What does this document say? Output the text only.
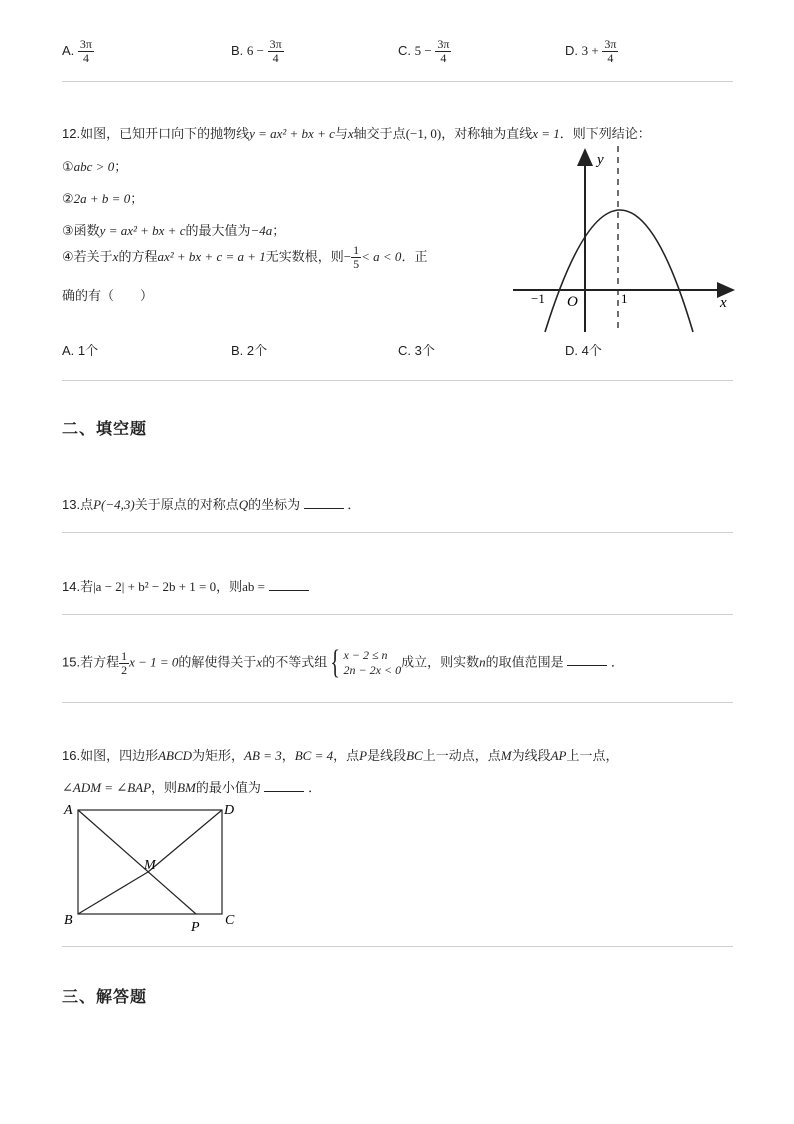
A. $\frac{3\pi}{4}$	B. $6 - \frac{3\pi}{4}$	C. $5 - \frac{3\pi}{4}$	D. $3 + \frac{3\pi}{4}$
12.如图，已知开口向下的抛物线y = ax² + bx + c与x轴交于点(−1, 0)，对称轴为直线x = 1．则下列结论：
①abc > 0；
②2a + b = 0；
③函数y = ax² + bx + c的最大值为−4a；
④若关于x的方程ax² + bx + c = a + 1无实数根，则− $\frac{1}{5} < a < 0$．正
确的有（　　）
y
x
O
−1	1
A. 1个	B. 2个	C. 3个	D. 4个
二、填空题
13.点P(−4,3)关于原点的对称点Q的坐标为	．
14.若|a − 2| + b² − 2b + 1 = 0，则ab =
15.若方程 $\frac{1}{2}$ x − 1 = 0的解使得关于x的不等式组{ x − 2 ≤ n
2n − 2x < 0
成立，则实数n的取值范围是	．
16.如图，四边形ABCD为矩形，AB = 3，BC = 4，点P是线段BC上一动点，点M为线段AP上一点，
∠ADM = ∠BAP，则BM的最小值为	．
A	D
B	C
M
P
三、解答题
